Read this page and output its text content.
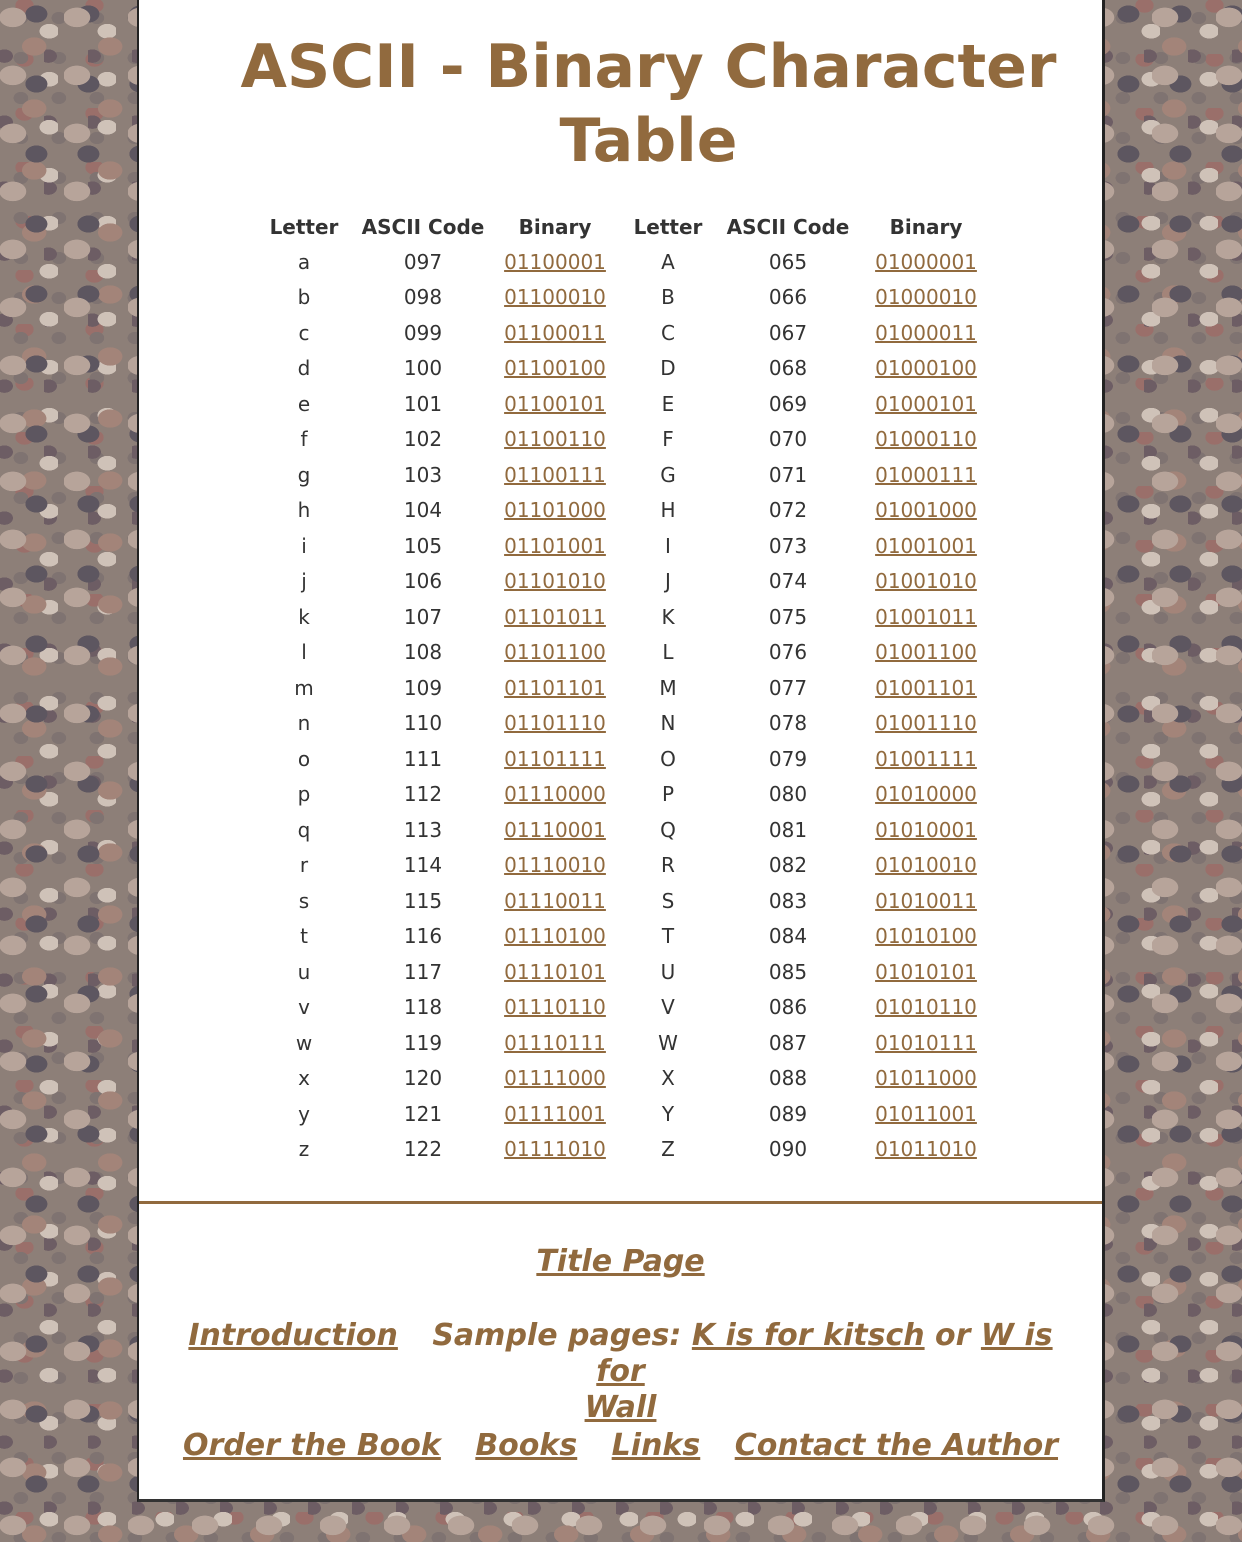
ASCII - Binary Character Table
Letter	ASCII Code	Binary	Letter	ASCII Code	Binary
a	097	01100001	A	065	01000001
b	098	01100010	B	066	01000010
c	099	01100011	C	067	01000011
d	100	01100100	D	068	01000100
e	101	01100101	E	069	01000101
f	102	01100110	F	070	01000110
g	103	01100111	G	071	01000111
h	104	01101000	H	072	01001000
i	105	01101001	I	073	01001001
j	106	01101010	J	074	01001010
k	107	01101011	K	075	01001011
l	108	01101100	L	076	01001100
m	109	01101101	M	077	01001101
n	110	01101110	N	078	01001110
o	111	01101111	O	079	01001111
p	112	01110000	P	080	01010000
q	113	01110001	Q	081	01010001
r	114	01110010	R	082	01010010
s	115	01110011	S	083	01010011
t	116	01110100	T	084	01010100
u	117	01110101	U	085	01010101
v	118	01110110	V	086	01010110
w	119	01110111	W	087	01010111
x	120	01111000	X	088	01011000
y	121	01111001	Y	089	01011001
z	122	01111010	Z	090	01011010
Title Page
Introduction Sample pages: K is for kitsch or W is for
Wall
Order the Book Books Links Contact the Author
